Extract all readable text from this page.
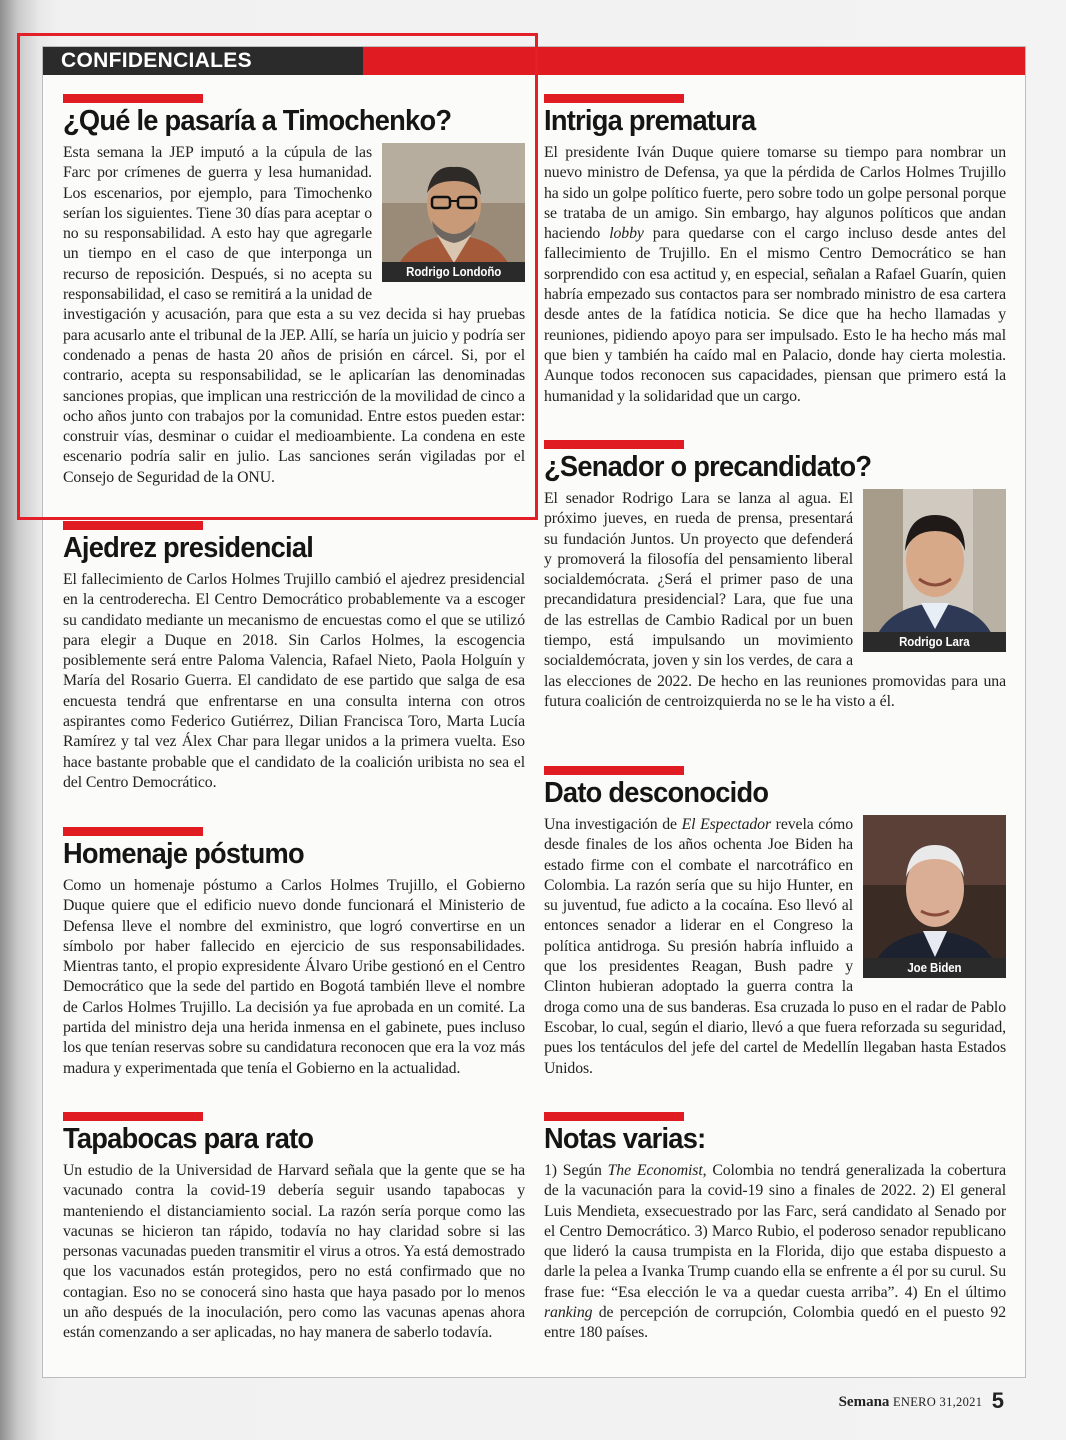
CONFIDENCIALES
¿Qué le pasaría a Timochenko?

Rodrigo Londoño
Esta semana la JEP imputó a la cúpula de las Farc por crímenes de guerra y lesa humanidad. Los escenarios, por ejemplo, para Timochenko serían los siguientes. Tiene 30 días para aceptar o no su responsabilidad. A esto hay que agregarle un tiempo en el caso de que interponga un recurso de reposición. Después, si no acepta su responsabilidad, el caso se remitirá a la unidad de investigación y acusación, para que esta a su vez decida si hay pruebas para acusarlo ante el tribunal de la JEP. Allí, se haría un juicio y podría ser condenado a penas de hasta 20 años de prisión en cárcel. Si, por el contrario, acepta su responsabilidad, se le aplicarían las denominadas sanciones propias, que implican una restricción de la movilidad de cinco a ocho años junto con trabajos por la comunidad. Entre estos pueden estar: construir vías, desminar o cuidar el medioambiente. La condena en este escenario podría salir en julio. Las sanciones serán vigiladas por el Consejo de Seguridad de la ONU.

Ajedrez presidencial

El fallecimiento de Carlos Holmes Trujillo cambió el ajedrez presidencial en la centroderecha. El Centro Democrático probablemente va a escoger su candidato mediante un mecanismo de encuestas como el que se utilizó para elegir a Duque en 2018. Sin Carlos Holmes, la escogencia posiblemente será entre Paloma Valencia, Rafael Nieto, Paola Holguín y María del Rosario Guerra. El candidato de ese partido que salga de esa encuesta tendrá que enfrentarse en una consulta interna con otros aspirantes como Federico Gutiérrez, Dilian Francisca Toro, Marta Lucía Ramírez y tal vez Álex Char para llegar unidos a la primera vuelta. Eso hace bastante probable que el candidato de la coalición uribista no sea el del Centro Democrático.

Homenaje póstumo

Como un homenaje póstumo a Carlos Holmes Trujillo, el Gobierno Duque quiere que el edificio nuevo donde funcionará el Ministerio de Defensa lleve el nombre del exministro, que logró convertirse en un símbolo por haber fallecido en ejercicio de sus responsabilidades. Mientras tanto, el propio expresidente Álvaro Uribe gestionó en el Centro Democrático que la sede del partido en Bogotá también lleve el nombre de Carlos Holmes Trujillo. La decisión ya fue aprobada en un comité. La partida del ministro deja una herida inmensa en el gabinete, pues incluso los que tenían reservas sobre su candidatura reconocen que era la voz más madura y experimentada que tenía el Gobierno en la actualidad.

Tapabocas para rato

Un estudio de la Universidad de Harvard señala que la gente que se ha vacunado contra la covid-19 debería seguir usando tapabocas y manteniendo el distanciamiento social. La razón sería porque como las vacunas se hicieron tan rápido, todavía no hay claridad sobre si las personas vacunadas pueden transmitir el virus a otros. Ya está demostrado que los vacunados están protegidos, pero no está confirmado que no contagian. Eso no se conocerá sino hasta que haya pasado por lo menos un año después de la inoculación, pero como las vacunas apenas ahora están comenzando a ser aplicadas, no hay manera de saberlo todavía.

Intriga prematura

El presidente Iván Duque quiere tomarse su tiempo para nombrar un nuevo ministro de Defensa, ya que la pérdida de Carlos Holmes Trujillo ha sido un golpe político fuerte, pero sobre todo un golpe personal porque se trataba de un amigo. Sin embargo, hay algunos políticos que andan haciendo lobby para quedarse con el cargo incluso desde antes del fallecimiento de Trujillo. En el mismo Centro Democrático se han sorprendido con esa actitud y, en especial, señalan a Rafael Guarín, quien habría empezado sus contactos para ser nombrado ministro de esa cartera desde antes de la fatídica noticia. Se dice que ha hecho llamadas y reuniones, pidiendo apoyo para ser impulsado. Esto le ha hecho más mal que bien y también ha caído mal en Palacio, donde hay cierta molestia. Aunque todos reconocen sus capacidades, piensan que primero está la humanidad y la solidaridad que un cargo.

¿Senador o precandidato?

Rodrigo Lara
El senador Rodrigo Lara se lanza al agua. El próximo jueves, en rueda de prensa, presentará su fundación Juntos. Un proyecto que defenderá y promoverá la filosofía del pensamiento liberal socialdemócrata. ¿Será el primer paso de una precandidatura presidencial? Lara, que fue una de las estrellas de Cambio Radical por un buen tiempo, está impulsando un movimiento socialdemócrata, joven y sin los verdes, de cara a las elecciones de 2022. De hecho en las reuniones promovidas para una futura coalición de centroizquierda no se le ha visto a él.

Dato desconocido

Joe Biden
Una investigación de El Espectador revela cómo desde finales de los años ochenta Joe Biden ha estado firme con el combate el narcotráfico en Colombia. La razón sería que su hijo Hunter, en su juventud, fue adicto a la cocaína. Eso llevó al entonces senador a liderar en el Congreso la política antidroga. Su presión habría influido a que los presidentes Reagan, Bush padre y Clinton hubieran adoptado la guerra contra la droga como una de sus banderas. Esa cruzada lo puso en el radar de Pablo Escobar, lo cual, según el diario, llevó a que fuera reforzada su seguridad, pues los tentáculos del jefe del cartel de Medellín llegaban hasta Estados Unidos.

Notas varias:

1) Según The Economist, Colombia no tendrá generalizada la cobertura de la vacunación para la covid-19 sino a finales de 2022. 2) El general Luis Mendieta, exsecuestrado por las Farc, será candidato al Senado por el Centro Democrático. 3) Marco Rubio, el poderoso senador republicano que lideró la causa trumpista en la Florida, dijo que estaba dispuesto a darle la pelea a Ivanka Trump cuando ella se enfrente a él por su curul. Su frase fue: “Esa elección le va a quedar cuesta arriba”. 4) En el último ranking de percepción de corrupción, Colombia quedó en el puesto 92 entre 180 países.

Semana ENERO 31,2021 5
